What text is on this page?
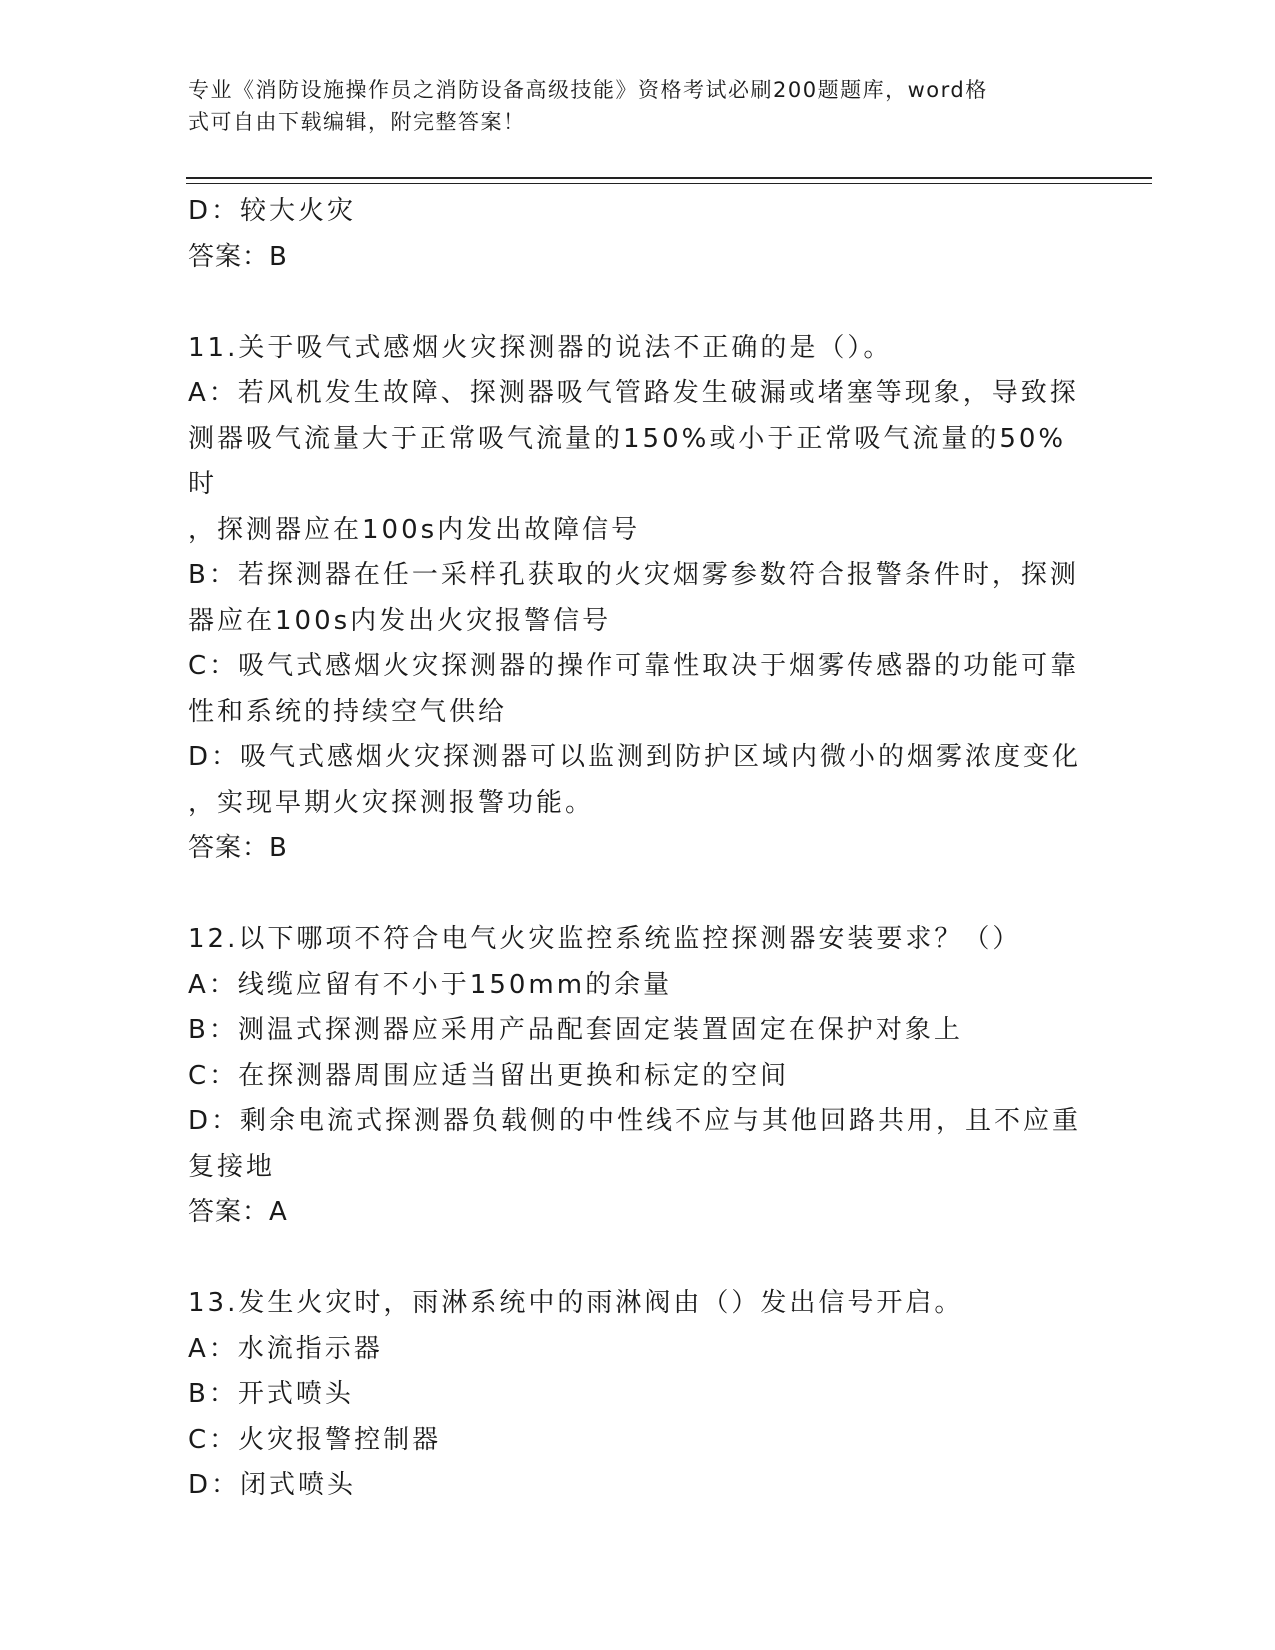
专业《消防设施操作员之消防设备高级技能》资格考试必刷200题题库，word格
式可自由下载编辑，附完整答案！
D：较大火灾
答案：B
11.关于吸气式感烟火灾探测器的说法不正确的是（）。
A：若风机发生故障、探测器吸气管路发生破漏或堵塞等现象，导致探
测器吸气流量大于正常吸气流量的150%或小于正常吸气流量的50%时
，探测器应在100s内发出故障信号
B：若探测器在任一采样孔获取的火灾烟雾参数符合报警条件时，探测
器应在100s内发出火灾报警信号
C：吸气式感烟火灾探测器的操作可靠性取决于烟雾传感器的功能可靠
性和系统的持续空气供给
D：吸气式感烟火灾探测器可以监测到防护区域内微小的烟雾浓度变化
，实现早期火灾探测报警功能。
答案：B
12.以下哪项不符合电气火灾监控系统监控探测器安装要求？（）
A：线缆应留有不小于150mm的余量
B：测温式探测器应采用产品配套固定装置固定在保护对象上
C：在探测器周围应适当留出更换和标定的空间
D：剩余电流式探测器负载侧的中性线不应与其他回路共用，且不应重
复接地
答案：A
13.发生火灾时，雨淋系统中的雨淋阀由（）发出信号开启。
A：水流指示器
B：开式喷头
C：火灾报警控制器
D：闭式喷头
